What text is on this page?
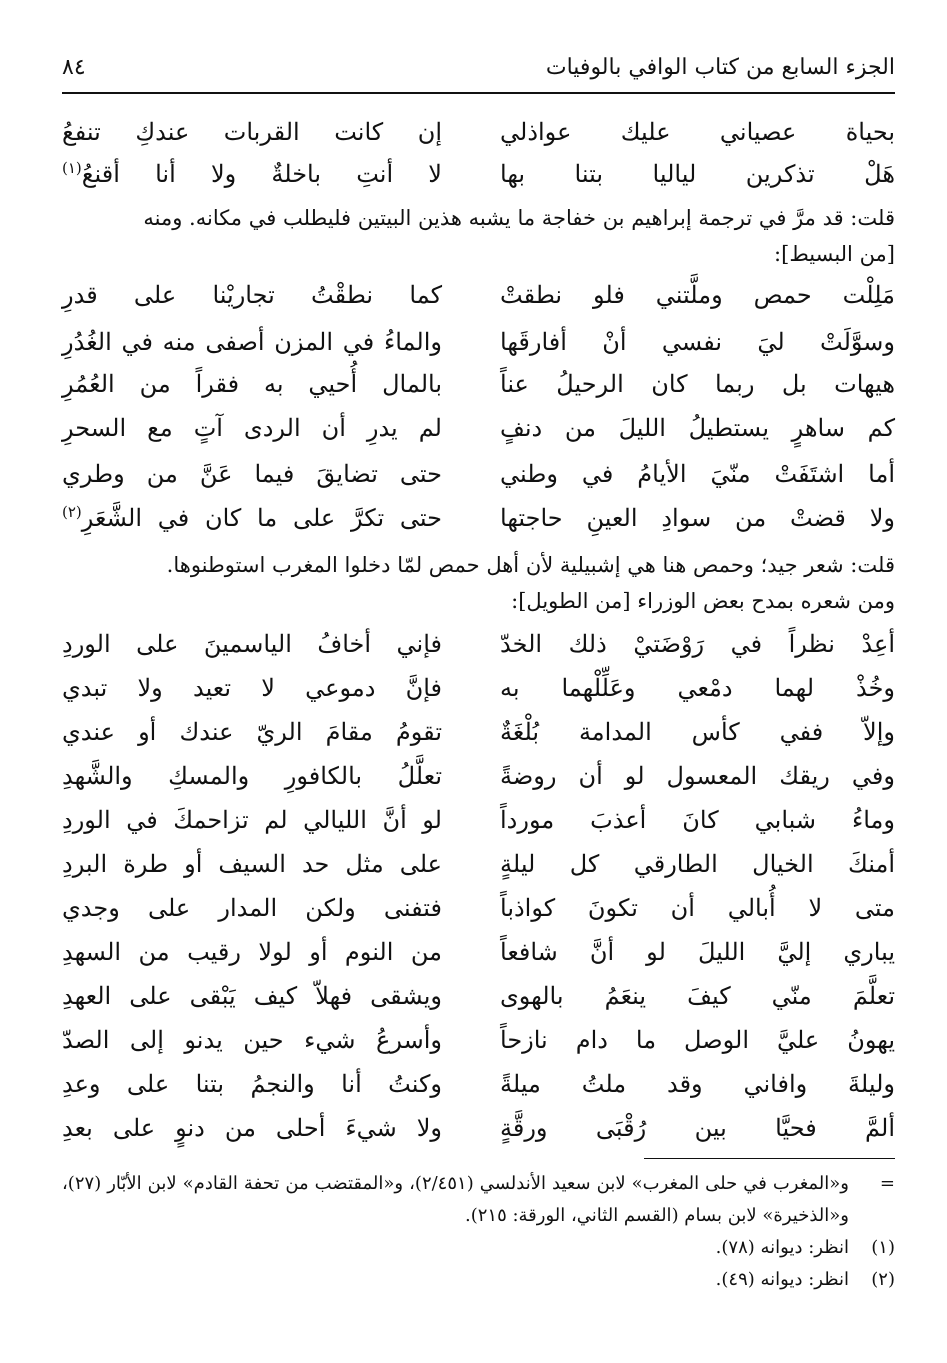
الجزء السابع من كتاب الوافي بالوفيات
٨٤
بحياة عصياني عليك عواذلي
إن كانت القربات عندكِ تنفعُ
هَلْ تذكرين لياليا بتنا بها
لا أنتِ باخلةٌ ولا أنا أقنعُ$^{(١)}$

قلت: قد مرَّ في ترجمة إبراهيم بن خفاجة ما يشبه هذين البيتين فليطلب في مكانه. ومنه

[من البسيط]:

مَلِلْت حمص وملَّتني فلو نطقتْ
كما نطقْتُ تجاريْنا على قدرِ
وسوَّلَتْ ليَ نفسي أنْ أفارقَها
والماءُ في المزن أصفى منه في الغُدُرِ
هيهات بل ربما كان الرحيلُ عناً
بالمال أُحيي به فقراً من العُمُرِ
كم ساهرٍ يستطيلُ الليلَ من دنفٍ
لم يدرِ أن الردى آتٍ مع السحرِ
أما اشتَفَتْ منّيَ الأيامُ في وطني
حتى تضايقَ فيما عَنَّ من وطري
ولا قضتْ من سوادِ العينِ حاجتها
حتى تكرَّ على ما كان في الشَّعَرِ$^{(٢)}$

قلت: شعر جيد؛ وحمص هنا هي إشبيلية لأن أهل حمص لمّا دخلوا المغرب استوطنوها.

ومن شعره بمدح بعض الوزراء [من الطويل]:

أعِدْ نظراً في رَوْضَتيْ ذلك الخدّ
فإني أخافُ الياسمينَ على الوردِ
وخُذْ لهما دمْعي وعَلِّلْهما به
فإنَّ دموعي لا تعيد ولا تبدي
وإلاّ ففي كأس المدامة بُلْغَةٌ
تقومُ مقامَ الريّ عندك أو عندي
وفي ريقك المعسول لو أن روضةً
تعلَّلُ بالكافورِ والمسكِ والشَّهدِ
وماءُ شبابي كانَ أعذبَ مورداً
لو أنَّ الليالي لم تزاحمكَ في الوردِ
أمنكَ الخيال الطارقي كل ليلةٍ
على مثل حد السيف أو طرة البردِ
متى لا أُبالي أن تكونَ كواذباً
فتفنى ولكن المدار على وجدي
يباري إليَّ الليلَ لو أنَّ شافعاً
من النوم أو لولا رقيب من السهدِ
تعلَّمَ منّي كيفَ ينعَمُ بالهوى
ويشقى فهلاّ كيف يَبْقى على العهدِ
يهونُ عليَّ الوصل ما دام نازحاً
وأسرعُ شيء حين يدنو إلى الصدّ
وليلةَ وافاني وقد ملتُ ميلةً
وكنتُ أنا والنجمُ بتنا على وعدِ
ألمَّ فحيَّا بين رُقْبَى ورقَّةٍ
ولا شيءَ أحلى من دنوٍ على بعدِ
=
و«المغرب في حلى المغرب» لابن سعيد الأندلسي (٢/٤٥١)، و«المقتضب من تحفة القادم» لابن الأبّار (٢٧)، و«الذخيرة» لابن بسام (القسم الثاني، الورقة: ٢١٥).
(١)
انظر: ديوانه (٧٨).
(٢)
انظر: ديوانه (٤٩).
